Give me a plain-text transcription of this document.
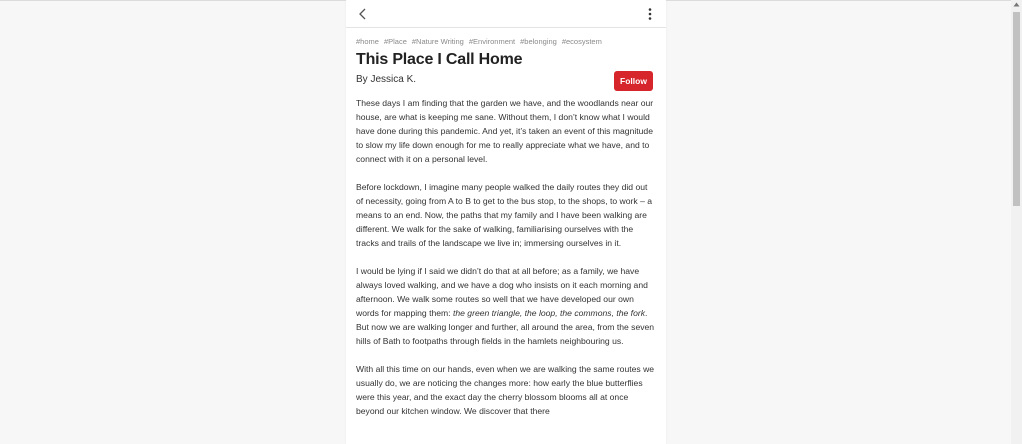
#home #Place #Nature Writing #Environment #belonging #ecosystem
This Place I Call Home
By Jessica K.	Follow

These days I am finding that the garden we have, and the woodlands near our house, are what is keeping me sane. Without them, I don’t know what I would have done during this pandemic. And yet, it’s taken an event of this magnitude to slow my life down enough for me to really appreciate what we have, and to connect with it on a personal level.

Before lockdown, I imagine many people walked the daily routes they did out of necessity, going from A to B to get to the bus stop, to the shops, to work – a means to an end. Now, the paths that my family and I have been walking are different. We walk for the sake of walking, familiarising ourselves with the tracks and trails of the landscape we live in; immersing ourselves in it.

I would be lying if I said we didn’t do that at all before; as a family, we have always loved walking, and we have a dog who insists on it each morning and afternoon. We walk some routes so well that we have developed our own words for mapping them: the green triangle, the loop, the commons, the fork. But now we are walking longer and further, all around the area, from the seven hills of Bath to footpaths through fields in the hamlets neighbouring us.

With all this time on our hands, even when we are walking the same routes we usually do, we are noticing the changes more: how early the blue butterflies were this year, and the exact day the cherry blossom blooms all at once beyond our kitchen window. We discover that there
